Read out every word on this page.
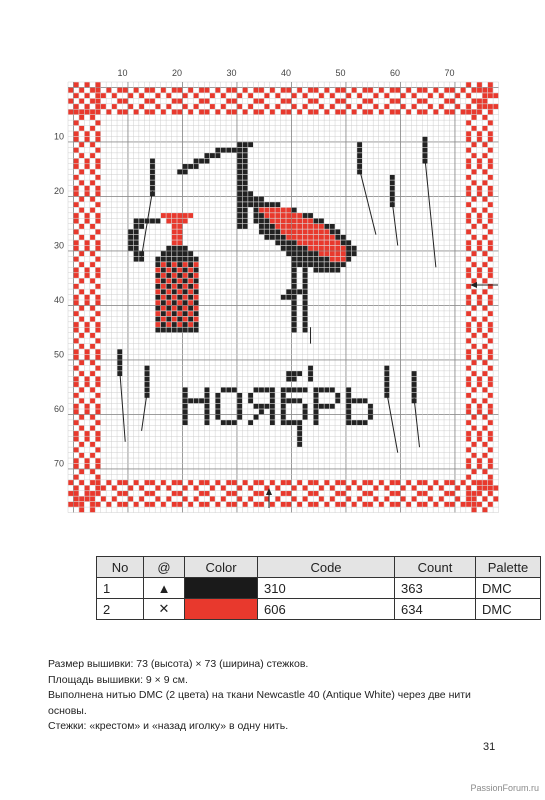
10
10
20
20
30
30
40
40
50
50
60
60
70
70
No	@	Color	Code	Count	Palette
1	▲		310	363	DMC
2	✕		606	634	DMC

Размер вышивки: 73 (высота) × 73 (ширина) стежков.

Площадь вышивки: 9 × 9 см.

Выполнена нитью DMC (2 цвета) на ткани Newcastle 40 (Antique White) через две нити основы.

Стежки: «крестом» и «назад иголку» в одну нить.

31
PassionForum.ru
